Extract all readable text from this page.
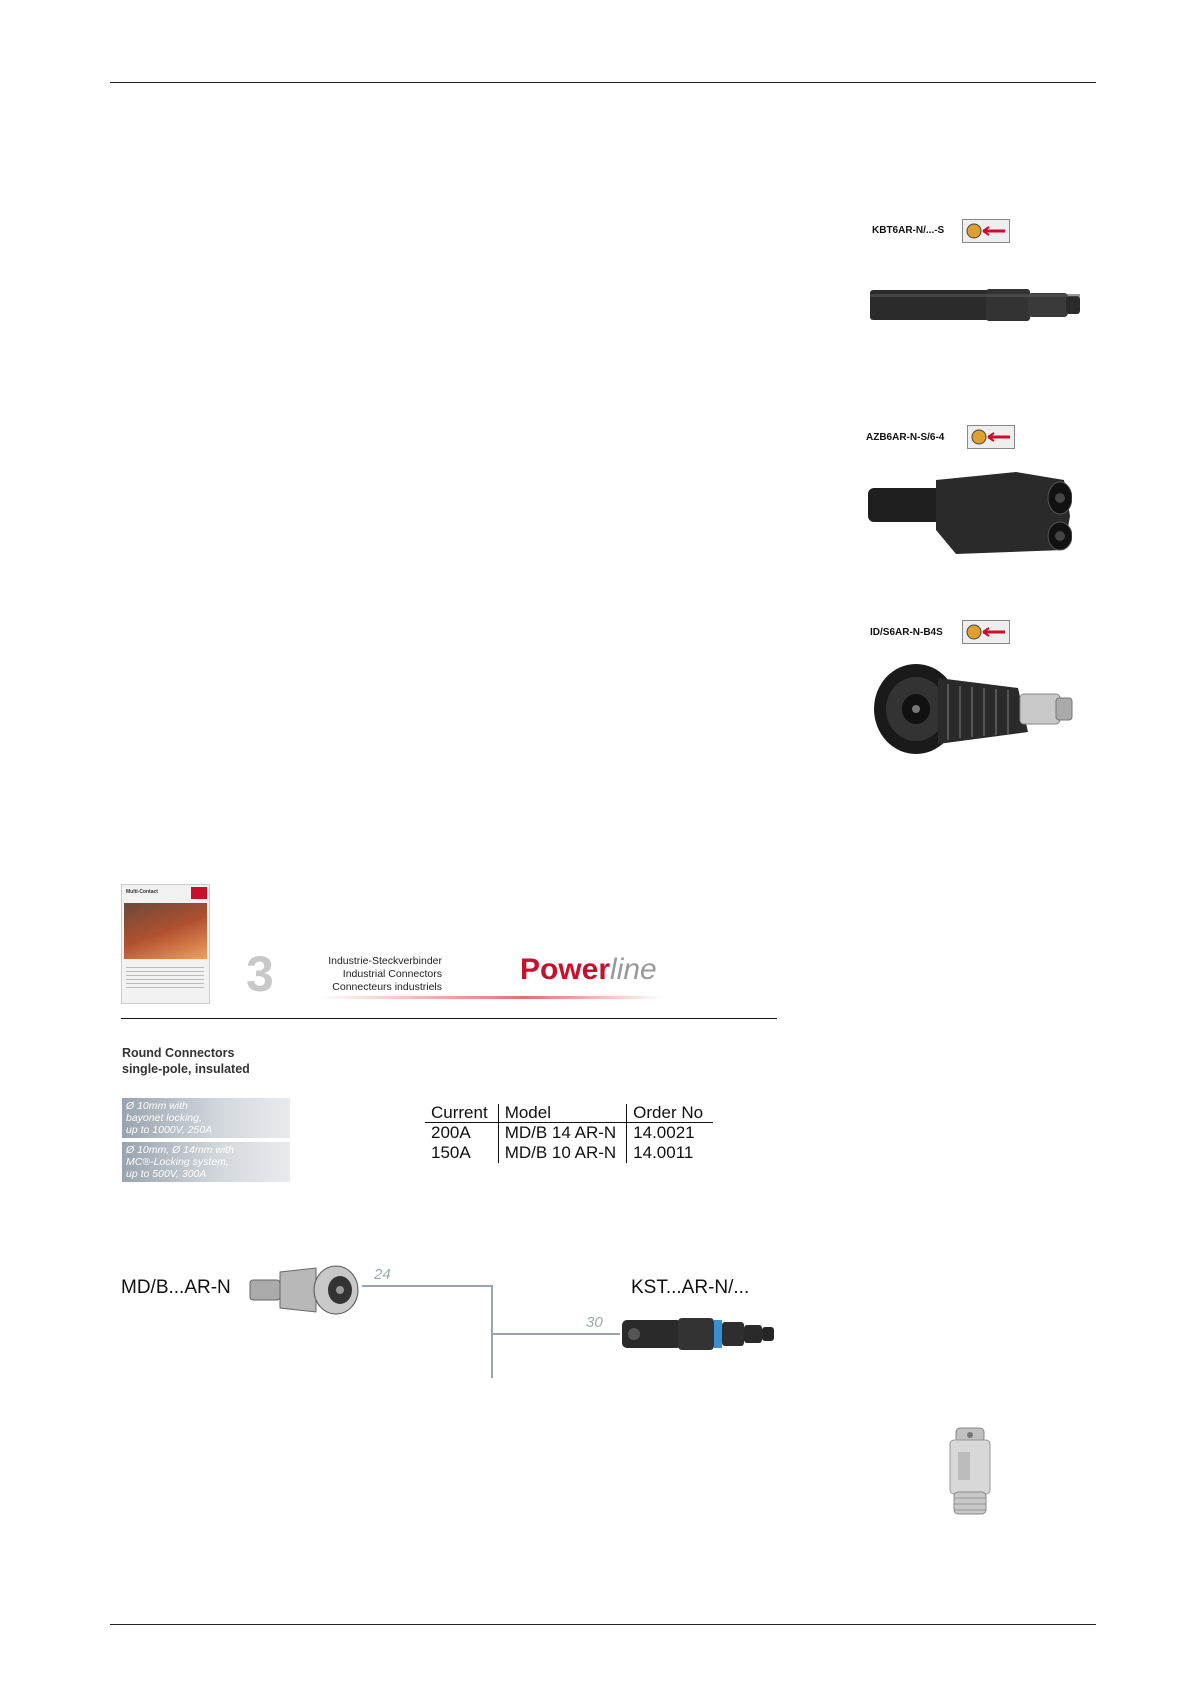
KBT6AR-N/...-S
AZB6AR-N-S/6-4
ID/S6AR-N-B4S
Multi-Contact
3	Industrie-Steckverbinder
Industrial Connectors
Connecteurs industriels
Powerline
Round Connectors
single-pole, insulated
Ø 10mm with
bayonet locking,
up to 1000V, 250A
Ø 10mm, Ø 14mm with
MC®-Locking system,
up to 500V, 300A
Current	Model	Order No
200A	MD/B 14 AR-N	14.0021
150A	MD/B 10 AR-N	14.0011
MD/B...AR-N
24
30
KST...AR-N/...
